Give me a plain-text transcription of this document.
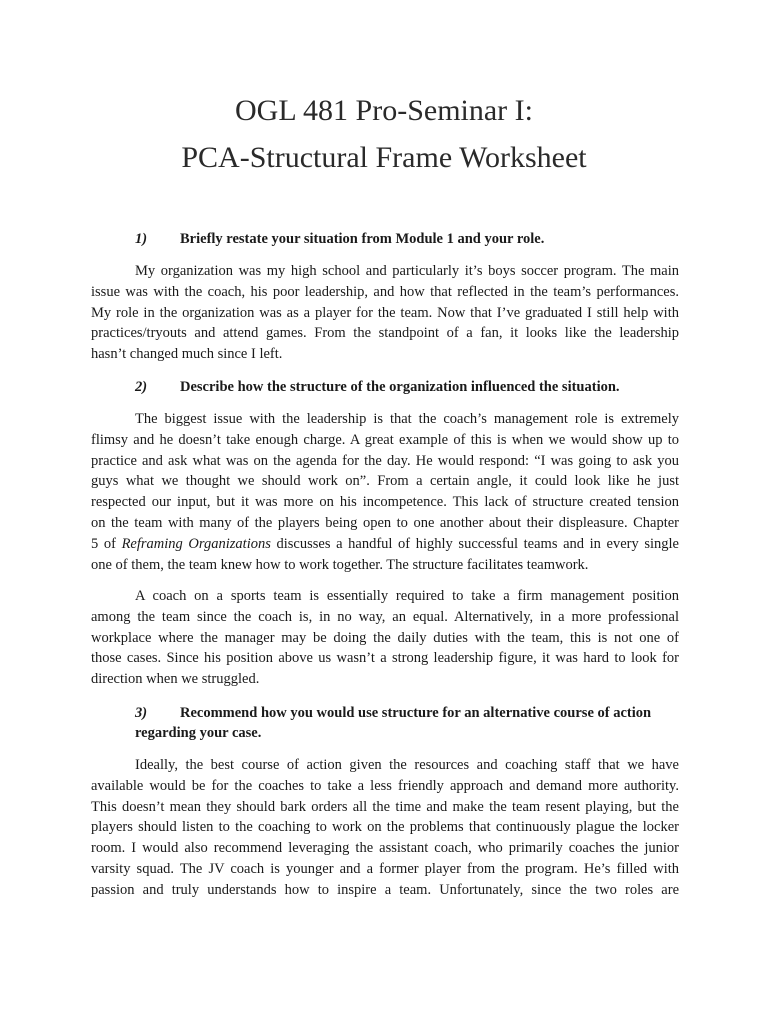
OGL 481 Pro-Seminar I:
PCA-Structural Frame Worksheet
1) Briefly restate your situation from Module 1 and your role.
My organization was my high school and particularly it’s boys soccer program. The main
issue was with the coach, his poor leadership, and how that reflected in the team’s performances.
My role in the organization was as a player for the team. Now that I’ve graduated I still help with
practices/tryouts and attend games. From the standpoint of a fan, it looks like the leadership
hasn’t changed much since I left.
2) Describe how the structure of the organization influenced the situation.
The biggest issue with the leadership is that the coach’s management role is extremely
flimsy and he doesn’t take enough charge. A great example of this is when we would show up to
practice and ask what was on the agenda for the day. He would respond: “I was going to ask you
guys what we thought we should work on”. From a certain angle, it could look like he just
respected our input, but it was more on his incompetence. This lack of structure created tension
on the team with many of the players being open to one another about their displeasure. Chapter
5 of Reframing Organizations discusses a handful of highly successful teams and in every single
one of them, the team knew how to work together. The structure facilitates teamwork.
A coach on a sports team is essentially required to take a firm management position
among the team since the coach is, in no way, an equal. Alternatively, in a more professional
workplace where the manager may be doing the daily duties with the team, this is not one of
those cases. Since his position above us wasn’t a strong leadership figure, it was hard to look for
direction when we struggled.
3) Recommend how you would use structure for an alternative course of action
regarding your case.
Ideally, the best course of action given the resources and coaching staff that we have
available would be for the coaches to take a less friendly approach and demand more authority.
This doesn’t mean they should bark orders all the time and make the team resent playing, but the
players should listen to the coaching to work on the problems that continuously plague the locker
room. I would also recommend leveraging the assistant coach, who primarily coaches the junior
varsity squad. The JV coach is younger and a former player from the program. He’s filled with
passion and truly understands how to inspire a team. Unfortunately, since the two roles are
